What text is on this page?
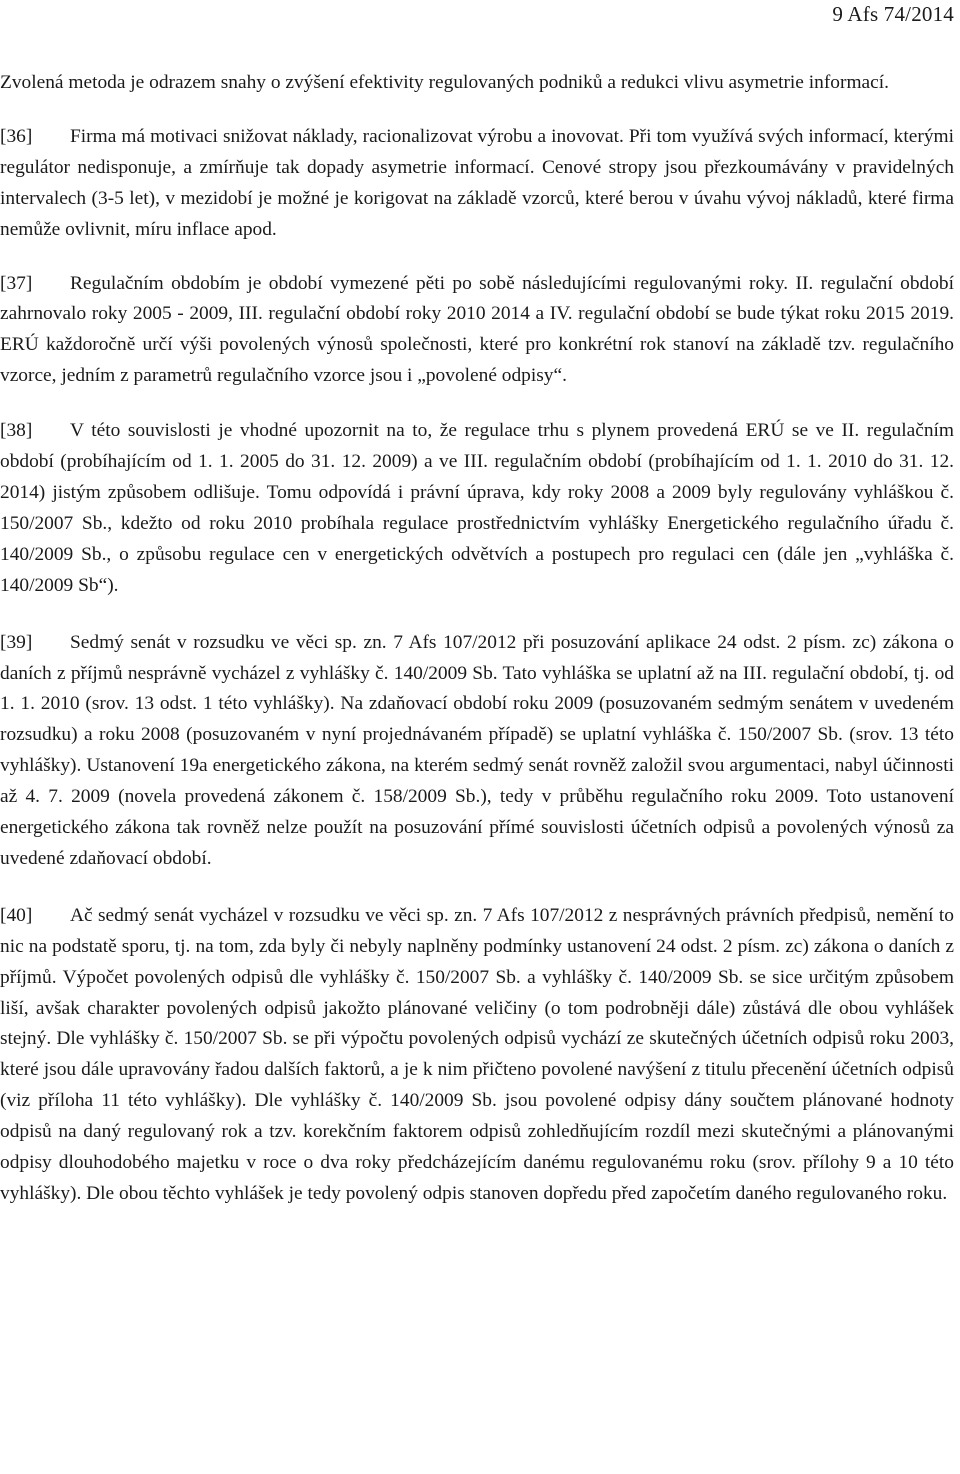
9 Afs 74/2014

Zvolená metoda je odrazem snahy o zvýšení efektivity regulovaných podniků a redukci vlivu asymetrie informací.

[36] Firma má motivaci snižovat náklady, racionalizovat výrobu a inovovat. Při tom využívá svých informací, kterými regulátor nedisponuje, a zmírňuje tak dopady asymetrie informací. Cenové stropy jsou přezkoumávány v pravidelných intervalech (3-5 let), v mezidobí je možné je korigovat na základě vzorců, které berou v úvahu vývoj nákladů, které firma nemůže ovlivnit, míru inflace apod.

[37] Regulačním obdobím je období vymezené pěti po sobě následujícími regulovanými roky. II. regulační období zahrnovalo roky 2005 - 2009, III. regulační období roky 2010 2014 a IV. regulační období se bude týkat roku 2015 2019. ERÚ každoročně určí výši povolených výnosů společnosti, které pro konkrétní rok stanoví na základě tzv. regulačního vzorce, jedním z parametrů regulačního vzorce jsou i „povolené odpisy“.

[38] V této souvislosti je vhodné upozornit na to, že regulace trhu s plynem provedená ERÚ se ve II. regulačním období (probíhajícím od 1. 1. 2005 do 31. 12. 2009) a ve III. regulačním období (probíhajícím od 1. 1. 2010 do 31. 12. 2014) jistým způsobem odlišuje. Tomu odpovídá i právní úprava, kdy roky 2008 a 2009 byly regulovány vyhláškou č. 150/2007 Sb., kdežto od roku 2010 probíhala regulace prostřednictvím vyhlášky Energetického regulačního úřadu č. 140/2009 Sb., o způsobu regulace cen v energetických odvětvích a postupech pro regulaci cen (dále jen „vyhláška č. 140/2009 Sb“).

[39] Sedmý senát v rozsudku ve věci sp. zn. 7 Afs 107/2012 při posuzování aplikace 24 odst. 2 písm. zc) zákona o daních z příjmů nesprávně vycházel z vyhlášky č. 140/2009 Sb. Tato vyhláška se uplatní až na III. regulační období, tj. od 1. 1. 2010 (srov. 13 odst. 1 této vyhlášky). Na zdaňovací období roku 2009 (posuzovaném sedmým senátem v uvedeném rozsudku) a roku 2008 (posuzovaném v nyní projednávaném případě) se uplatní vyhláška č. 150/2007 Sb. (srov. 13 této vyhlášky). Ustanovení 19a energetického zákona, na kterém sedmý senát rovněž založil svou argumentaci, nabyl účinnosti až 4. 7. 2009 (novela provedená zákonem č. 158/2009 Sb.), tedy v průběhu regulačního roku 2009. Toto ustanovení energetického zákona tak rovněž nelze použít na posuzování přímé souvislosti účetních odpisů a povolených výnosů za uvedené zdaňovací období.

[40] Ač sedmý senát vycházel v rozsudku ve věci sp. zn. 7 Afs 107/2012 z nesprávných právních předpisů, nemění to nic na podstatě sporu, tj. na tom, zda byly či nebyly naplněny podmínky ustanovení 24 odst. 2 písm. zc) zákona o daních z příjmů. Výpočet povolených odpisů dle vyhlášky č. 150/2007 Sb. a vyhlášky č. 140/2009 Sb. se sice určitým způsobem liší, avšak charakter povolených odpisů jakožto plánované veličiny (o tom podrobněji dále) zůstává dle obou vyhlášek stejný. Dle vyhlášky č. 150/2007 Sb. se při výpočtu povolených odpisů vychází ze skutečných účetních odpisů roku 2003, které jsou dále upravovány řadou dalších faktorů, a je k nim přičteno povolené navýšení z titulu přecenění účetních odpisů (viz příloha 11 této vyhlášky). Dle vyhlášky č. 140/2009 Sb. jsou povolené odpisy dány součtem plánované hodnoty odpisů na daný regulovaný rok a tzv. korekčním faktorem odpisů zohledňujícím rozdíl mezi skutečnými a plánovanými odpisy dlouhodobého majetku v roce o dva roky předcházejícím danému regulovanému roku (srov. přílohy 9 a 10 této vyhlášky). Dle obou těchto vyhlášek je tedy povolený odpis stanoven dopředu před započetím daného regulovaného roku.
